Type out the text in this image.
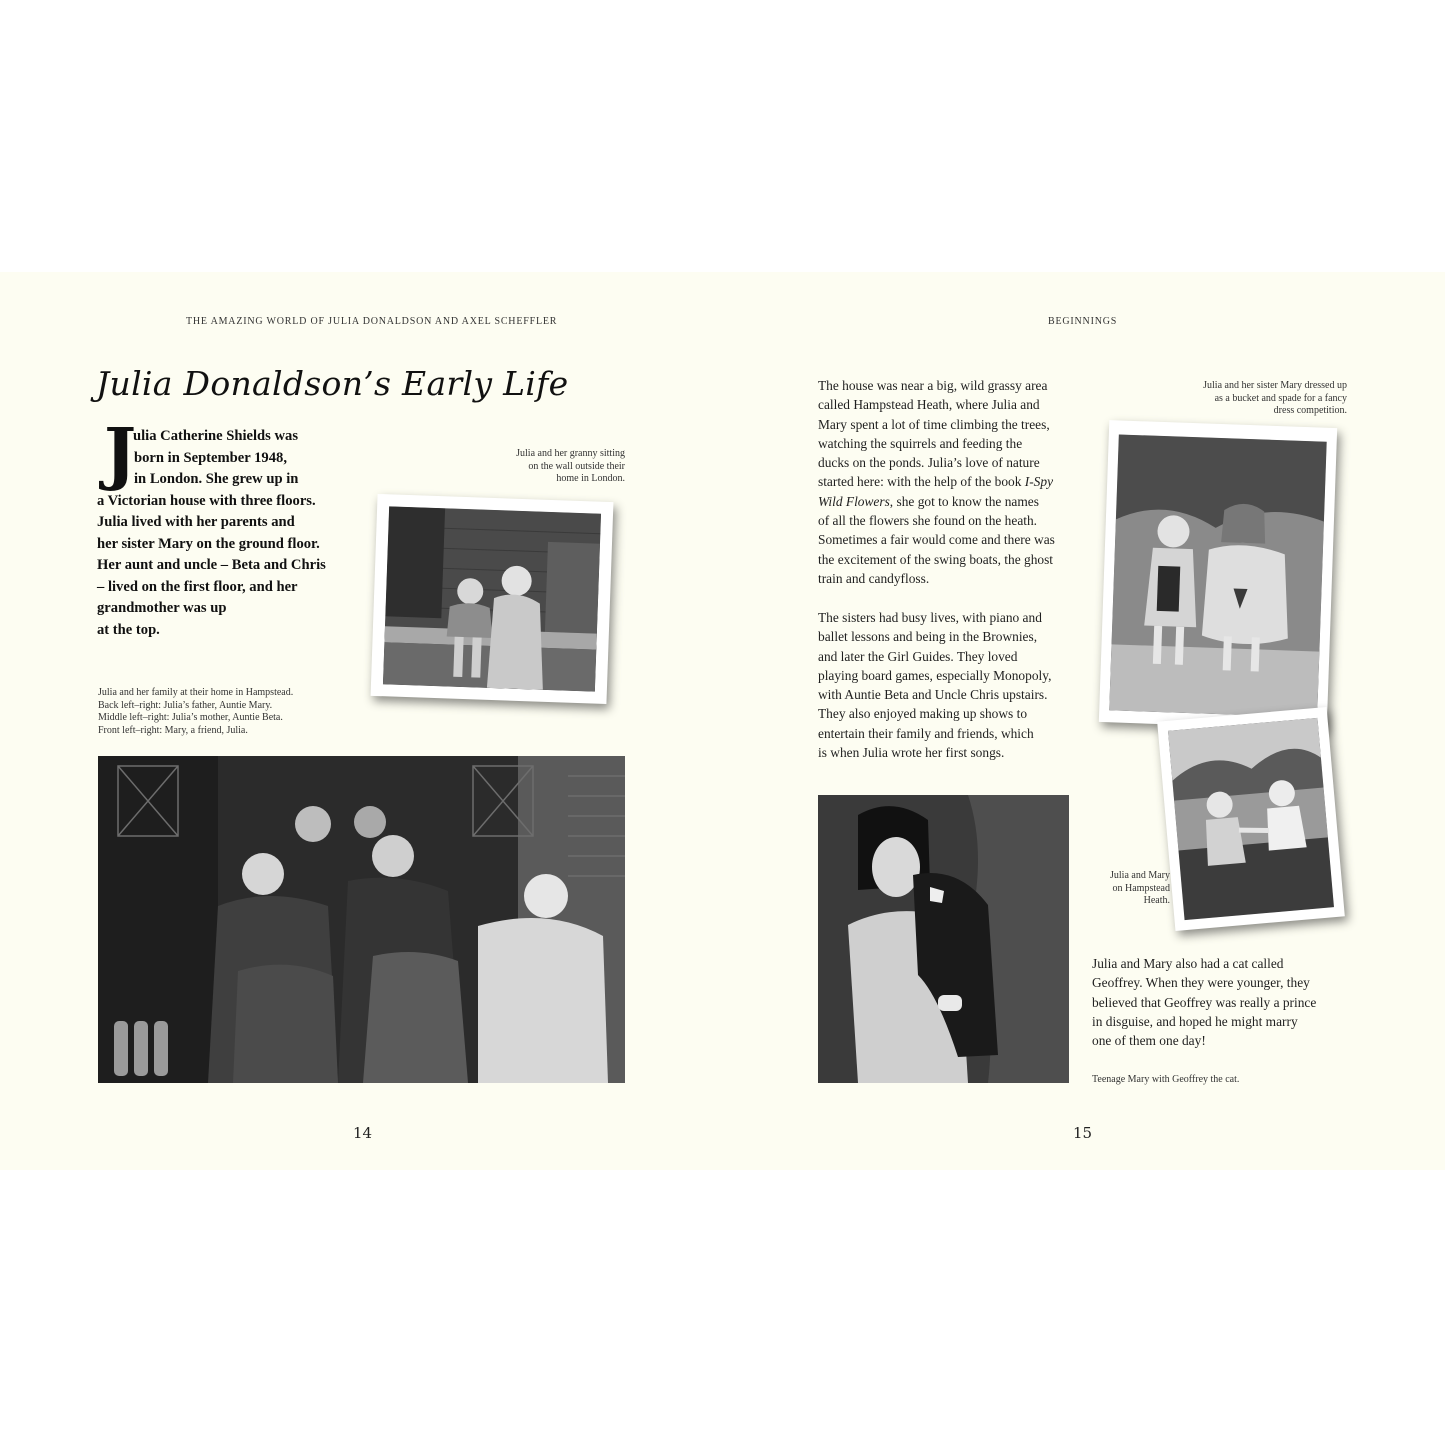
THE AMAZING WORLD OF JULIA DONALDSON AND AXEL SCHEFFLER
Julia Donaldson’s Early Life
J
ulia Catherine Shields was
born in September 1948,
in London. She grew up in
a Victorian house with three floors.
Julia lived with her parents and
her sister Mary on the ground floor.
Her aunt and uncle – Beta and Chris
– lived on the first floor, and her
grandmother was up
at the top.
Julia and her granny sitting
on the wall outside their
home in London.
Julia and her family at their home in Hampstead.
Back left–right: Julia’s father, Auntie Mary.
Middle left–right: Julia’s mother, Auntie Beta.
Front left–right: Mary, a friend, Julia.
14
BEGINNINGS
The house was near a big, wild grassy area
called Hampstead Heath, where Julia and
Mary spent a lot of time climbing the trees,
watching the squirrels and feeding the
ducks on the ponds. Julia’s love of nature
started here: with the help of the book I-Spy
Wild Flowers, she got to know the names
of all the flowers she found on the heath.
Sometimes a fair would come and there was
the excitement of the swing boats, the ghost
train and candyfloss.
The sisters had busy lives, with piano and
ballet lessons and being in the Brownies,
and later the Girl Guides. They loved
playing board games, especially Monopoly,
with Auntie Beta and Uncle Chris upstairs.
They also enjoyed making up shows to
entertain their family and friends, which
is when Julia wrote her first songs.
Julia and her sister Mary dressed up
as a bucket and spade for a fancy
dress competition.
Julia and Mary
on Hampstead
Heath.
Julia and Mary also had a cat called
Geoffrey. When they were younger, they
believed that Geoffrey was really a prince
in disguise, and hoped he might marry
one of them one day!
Teenage Mary with Geoffrey the cat.
15
